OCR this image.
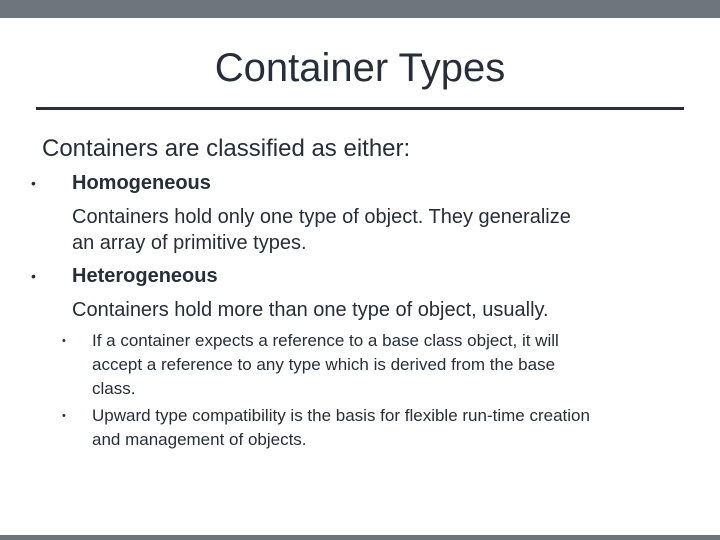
Container Types
Containers are classified as either:
• Homogeneous
Containers hold only one type of object. They generalize
an array of primitive types.
• Heterogeneous
Containers hold more than one type of object, usually.
• If a container expects a reference to a base class object, it will
accept a reference to any type which is derived from the base
class.
• Upward type compatibility is the basis for flexible run-time creation
and management of objects.
